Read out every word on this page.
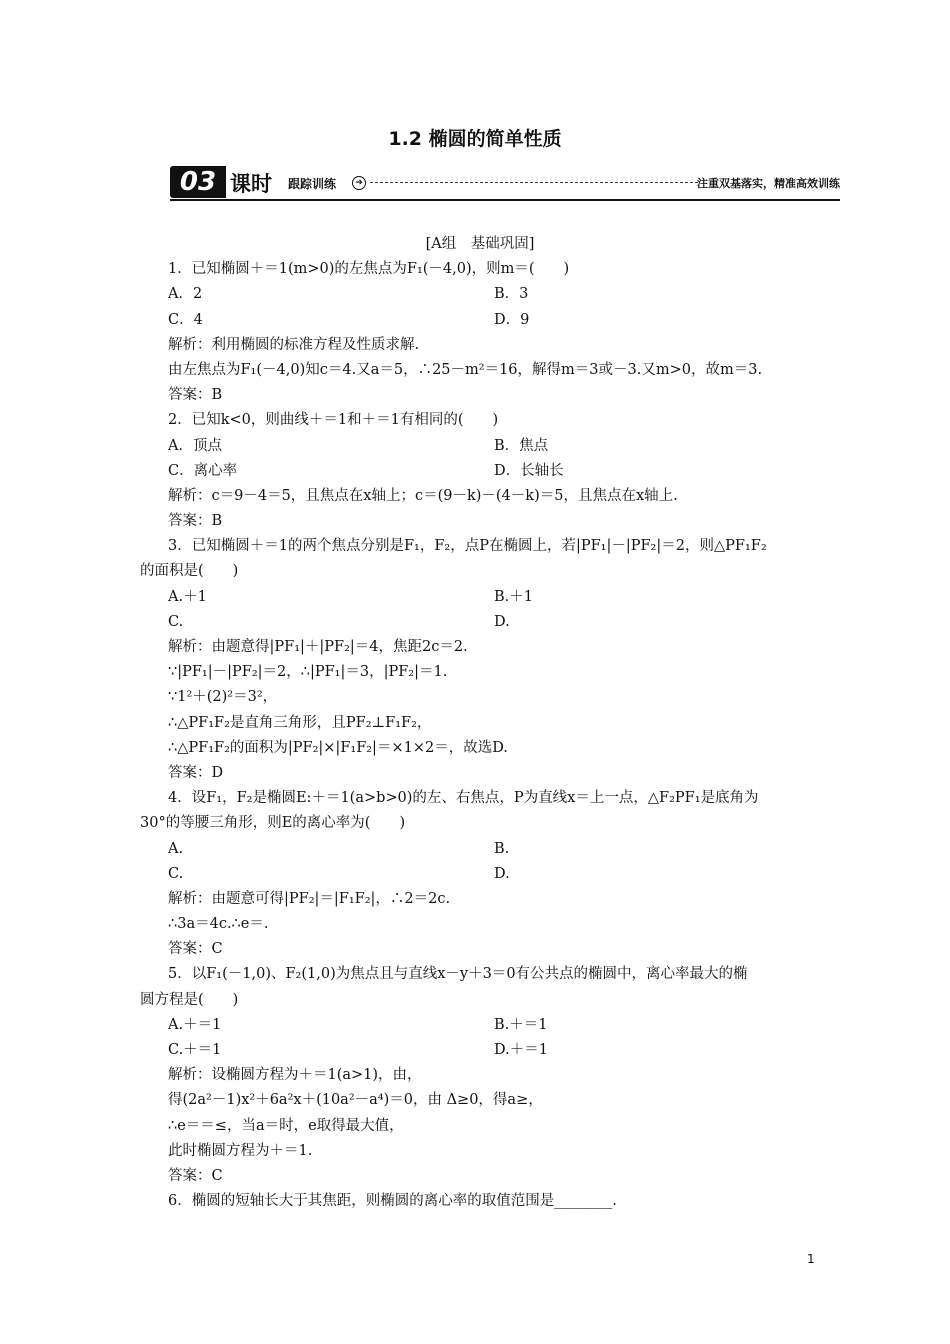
1.2 椭圆的简单性质
03 课时 跟踪训练	➔	注重双基落实，精准高效训练
[A组　基础巩固]
1．已知椭圆＋＝1(m>0)的左焦点为F₁(－4,0)，则m＝(　　)
A．2	B．3
C．4	D．9
解析：利用椭圆的标准方程及性质求解.
由左焦点为F₁(－4,0)知c＝4.又a＝5，∴25－m²＝16，解得m＝3或－3.又m>0，故m＝3.
答案：B
2．已知k<0，则曲线＋＝1和＋＝1有相同的(　　)
A．顶点	B．焦点
C．离心率	D．长轴长
解析：c＝9－4＝5，且焦点在x轴上；c＝(9－k)－(4－k)＝5，且焦点在x轴上.
答案：B
3．已知椭圆＋＝1的两个焦点分别是F₁，F₂，点P在椭圆上，若|PF₁|－|PF₂|＝2，则△PF₁F₂
的面积是(　　)
A.＋1	B.＋1
C.	D.
解析：由题意得|PF₁|＋|PF₂|＝4，焦距2c＝2.
∵|PF₁|－|PF₂|＝2，∴|PF₁|＝3，|PF₂|＝1.
∵1²＋(2)²＝3²，
∴△PF₁F₂是直角三角形，且PF₂⊥F₁F₂，
∴△PF₁F₂的面积为|PF₂|×|F₁F₂|＝×1×2＝，故选D.
答案：D
4．设F₁，F₂是椭圆E:＋＝1(a>b>0)的左、右焦点，P为直线x＝上一点，△F₂PF₁是底角为
30°的等腰三角形，则E的离心率为(　　)
A.	B.
C.	D.
解析：由题意可得|PF₂|＝|F₁F₂|，∴2＝2c.
∴3a＝4c.∴e＝.
答案：C
5．以F₁(－1,0)、F₂(1,0)为焦点且与直线x－y＋3＝0有公共点的椭圆中，离心率最大的椭
圆方程是(　　)
A.＋＝1	B.＋＝1
C.＋＝1	D.＋＝1
解析：设椭圆方程为＋＝1(a>1)，由，
得(2a²－1)x²＋6a²x＋(10a²－a⁴)＝0，由 Δ≥0，得a≥，
∴e＝＝≤，当a＝时，e取得最大值，
此时椭圆方程为＋＝1.
答案：C
6．椭圆的短轴长大于其焦距，则椭圆的离心率的取值范围是________.
1
